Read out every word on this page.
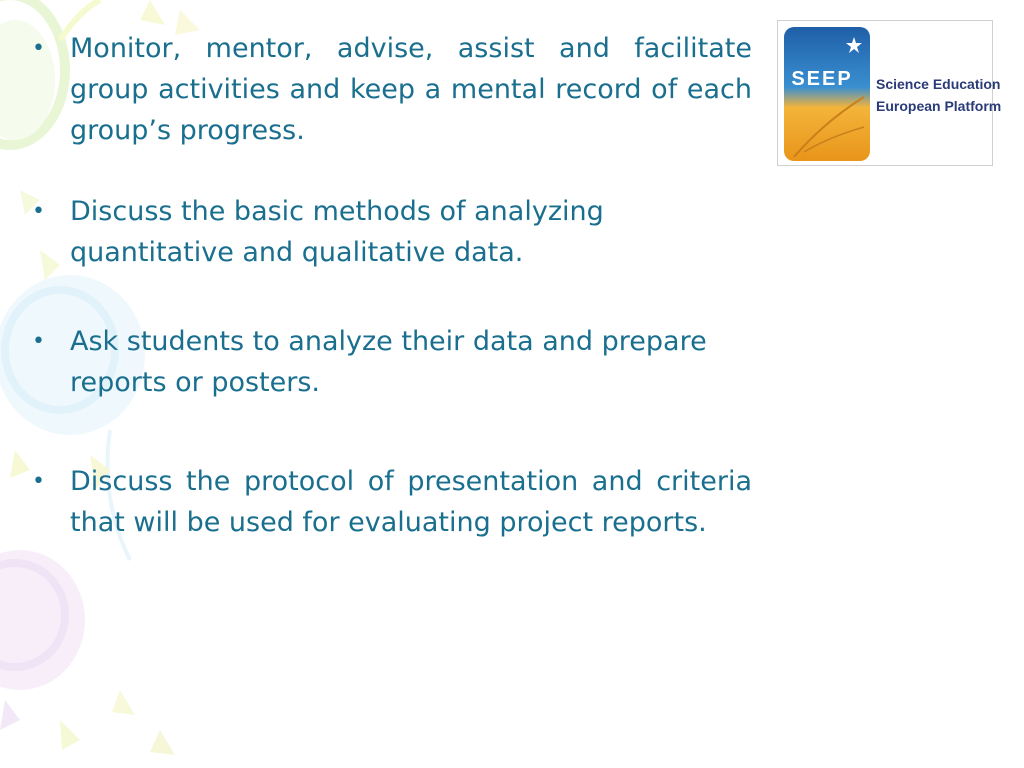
• Monitor, mentor, advise, assist and facilitate group activities and keep a mental record of each group’s progress.
• Discuss the basic methods of analyzing quantitative and qualitative data.
• Ask students to analyze their data and prepare reports or posters.
• Discuss the protocol of presentation and criteria that will be used for evaluating project reports.
SEEP Science Education
European Platform
